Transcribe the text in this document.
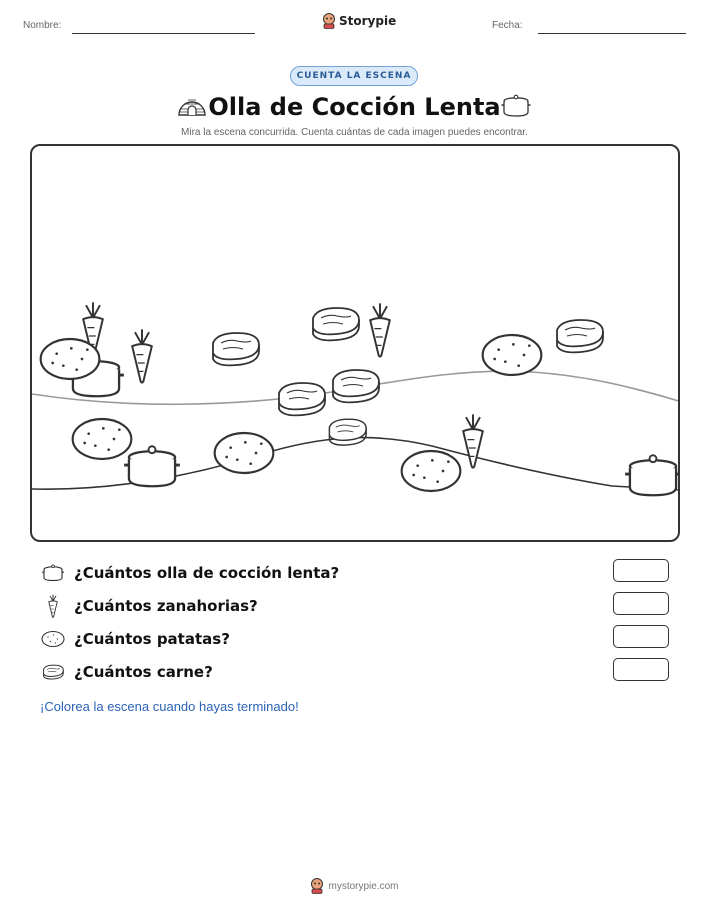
Nombre:	Storypie	Fecha:
CUENTA LA ESCENA
Olla de Cocción Lenta
Mira la escena concurrida. Cuenta cuántas de cada imagen puedes encontrar.
¿Cuántos olla de cocción lenta?
¿Cuántos zanahorias?
¿Cuántos patatas?
¿Cuántos carne?
¡Colorea la escena cuando hayas terminado!
mystorypie.com
